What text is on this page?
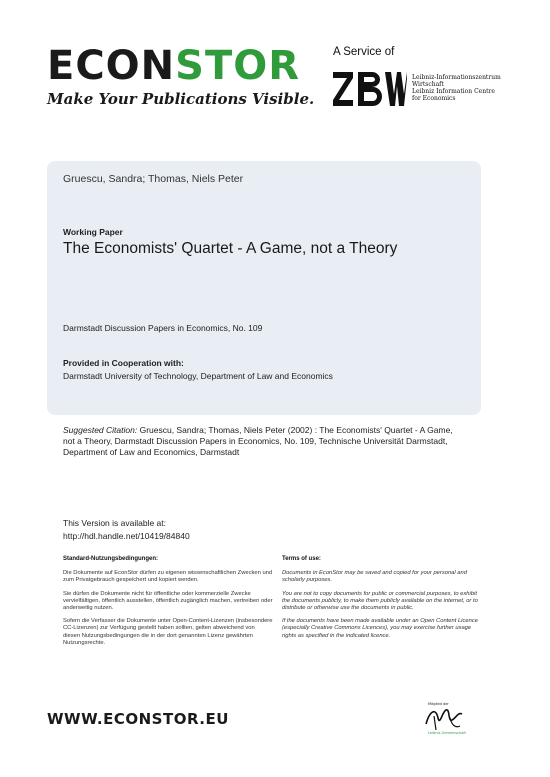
ECONSTOR
Make Your Publications Visible.
A Service of
Leibniz-Informationszentrum
Wirtschaft
Leibniz Information Centre
for Economics
Gruescu, Sandra; Thomas, Niels Peter
Working Paper
The Economists' Quartet - A Game, not a Theory
Darmstadt Discussion Papers in Economics, No. 109
Provided in Cooperation with:
Darmstadt University of Technology, Department of Law and Economics
Suggested Citation: Gruescu, Sandra; Thomas, Niels Peter (2002) : The Economists' Quartet - A Game, not a Theory, Darmstadt Discussion Papers in Economics, No. 109, Technische Universität Darmstadt, Department of Law and Economics, Darmstadt
This Version is available at:
http://hdl.handle.net/10419/84840
Standard-Nutzungsbedingungen:

Die Dokumente auf EconStor dürfen zu eigenen wissenschaftlichen Zwecken und zum Privatgebrauch gespeichert und kopiert werden.

Sie dürfen die Dokumente nicht für öffentliche oder kommerzielle Zwecke vervielfältigen, öffentlich ausstellen, öffentlich zugänglich machen, vertreiben oder anderweitig nutzen.

Sofern die Verfasser die Dokumente unter Open-Content-Lizenzen (insbesondere CC-Lizenzen) zur Verfügung gestellt haben sollten, gelten abweichend von diesen Nutzungsbedingungen die in der dort genannten Lizenz gewährten Nutzungsrechte.

Terms of use:

Documents in EconStor may be saved and copied for your personal and scholarly purposes.

You are not to copy documents for public or commercial purposes, to exhibit the documents publicly, to make them publicly available on the internet, or to distribute or otherwise use the documents in public.

If the documents have been made available under an Open Content Licence (especially Creative Commons Licences), you may exercise further usage rights as specified in the indicated licence.

WWW.ECONSTOR.EU
Mitglied der
Leibniz-Gemeinschaft
